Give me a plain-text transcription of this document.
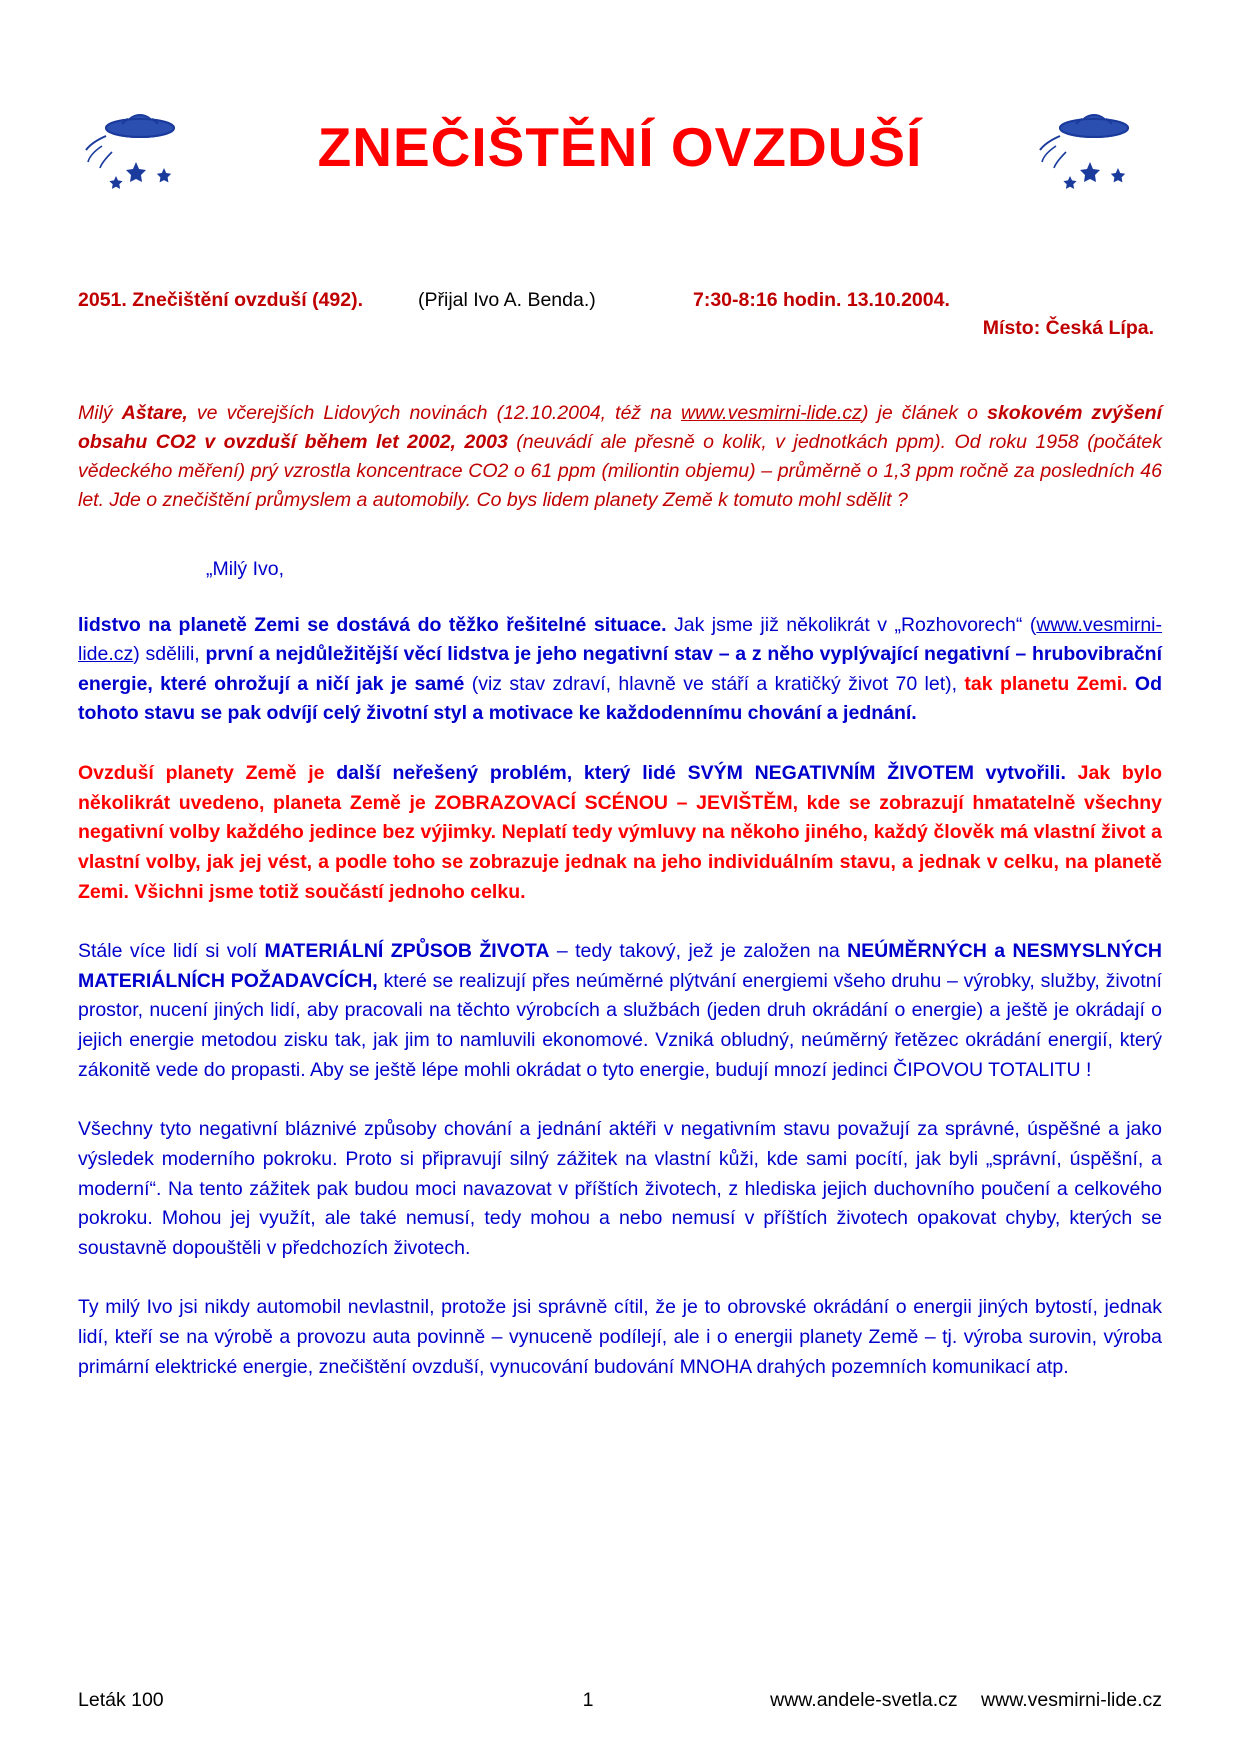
ZNEČIŠTĚNÍ OVZDUŠÍ
2051. Znečištění ovzduší (492).	(Přijal Ivo A. Benda.)	7:30-8:16 hodin. 13.10.2004.
Místo: Česká Lípa.
Milý Aštare, ve včerejších Lidových novinách (12.10.2004, též na www.vesmirni-lide.cz) je článek o skokovém zvýšení obsahu CO2 v ovzduší během let 2002, 2003 (neuvádí ale přesně o kolik, v jednotkách ppm). Od roku 1958 (počátek vědeckého měření) prý vzrostla koncentrace CO2 o 61 ppm (miliontin objemu) – průměrně o 1,3 ppm ročně za posledních 46 let. Jde o znečištění průmyslem a automobily. Co bys lidem planety Země k tomuto mohl sdělit ?
„Milý Ivo,
lidstvo na planetě Zemi se dostává do těžko řešitelné situace. Jak jsme již několikrát v „Rozhovorech“ (www.vesmirni-lide.cz) sdělili, první a nejdůležitější věcí lidstva je jeho negativní stav – a z něho vyplývající negativní – hrubovibrační energie, které ohrožují a ničí jak je samé (viz stav zdraví, hlavně ve stáří a kratičký život 70 let), tak planetu Zemi. Od tohoto stavu se pak odvíjí celý životní styl a motivace ke každodennímu chování a jednání.
Ovzduší planety Země je další neřešený problém, který lidé SVÝM NEGATIVNÍM ŽIVOTEM vytvořili. Jak bylo několikrát uvedeno, planeta Země je ZOBRAZOVACÍ SCÉNOU – JEVIŠTĚM, kde se zobrazují hmatatelně všechny negativní volby každého jedince bez výjimky. Neplatí tedy výmluvy na někoho jiného, každý člověk má vlastní život a vlastní volby, jak jej vést, a podle toho se zobrazuje jednak na jeho individuálním stavu, a jednak v celku, na planetě Zemi. Všichni jsme totiž součástí jednoho celku.
Stále více lidí si volí MATERIÁLNÍ ZPŮSOB ŽIVOTA – tedy takový, jež je založen na NEÚMĚRNÝCH a NESMYSLNÝCH MATERIÁLNÍCH POŽADAVCÍCH, které se realizují přes neúměrné plýtvání energiemi všeho druhu – výrobky, služby, životní prostor, nucení jiných lidí, aby pracovali na těchto výrobcích a službách (jeden druh okrádání o energie) a ještě je okrádají o jejich energie metodou zisku tak, jak jim to namluvili ekonomové. Vzniká obludný, neúměrný řetězec okrádání energií, který zákonitě vede do propasti. Aby se ještě lépe mohli okrádat o tyto energie, budují mnozí jedinci ČIPOVOU TOTALITU !
Všechny tyto negativní bláznivé způsoby chování a jednání aktéři v negativním stavu považují za správné, úspěšné a jako výsledek moderního pokroku. Proto si připravují silný zážitek na vlastní kůži, kde sami pocítí, jak byli „správní, úspěšní, a moderní“. Na tento zážitek pak budou moci navazovat v příštích životech, z hlediska jejich duchovního poučení a celkového pokroku. Mohou jej využít, ale také nemusí, tedy mohou a nebo nemusí v příštích životech opakovat chyby, kterých se soustavně dopouštěli v předchozích životech.
Ty milý Ivo jsi nikdy automobil nevlastnil, protože jsi správně cítil, že je to obrovské okrádání o energii jiných bytostí, jednak lidí, kteří se na výrobě a provozu auta povinně – vynuceně podílejí, ale i o energii planety Země – tj. výroba surovin, výroba primární elektrické energie, znečištění ovzduší, vynucování budování MNOHA drahých pozemních komunikací atp.
Leták 100	1	www.andele-svetla.cz www.vesmirni-lide.cz
